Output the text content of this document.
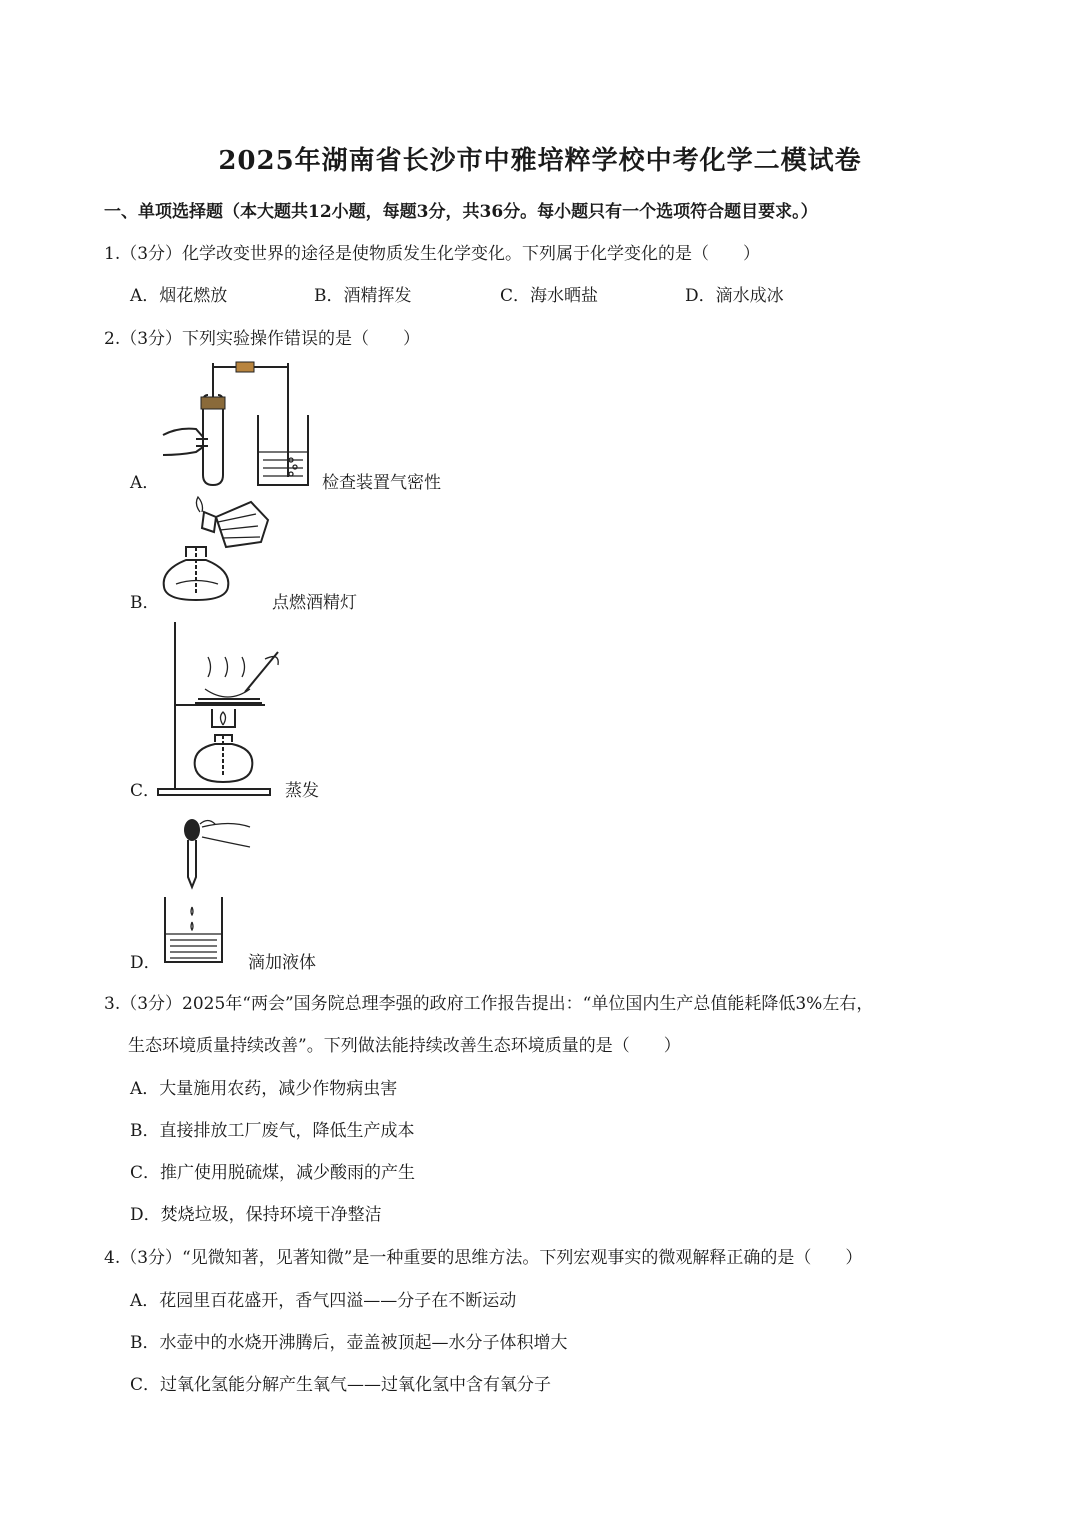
2025年湖南省长沙市中雅培粹学校中考化学二模试卷
一、单项选择题（本大题共12小题，每题3分，共36分。每小题只有一个选项符合题目要求。）
1.（3分）化学改变世界的途径是使物质发生化学变化。下列属于化学变化的是（　　）
A．烟花燃放	B．酒精挥发	C．海水晒盐	D．滴水成冰
2.（3分）下列实验操作错误的是（　　）
A．	检查装置气密性
B．	点燃酒精灯
C．	蒸发
D．	滴加液体
3.（3分）2025年“两会”国务院总理李强的政府工作报告提出：“单位国内生产总值能耗降低3%左右，
生态环境质量持续改善”。下列做法能持续改善生态环境质量的是（　　）
A．大量施用农药，减少作物病虫害
B．直接排放工厂废气，降低生产成本
C．推广使用脱硫煤，减少酸雨的产生
D．焚烧垃圾，保持环境干净整洁
4.（3分）“见微知著，见著知微”是一种重要的思维方法。下列宏观事实的微观解释正确的是（　　）
A．花园里百花盛开，香气四溢——分子在不断运动
B．水壶中的水烧开沸腾后，壶盖被顶起—水分子体积增大
C．过氧化氢能分解产生氧气——过氧化氢中含有氧分子
